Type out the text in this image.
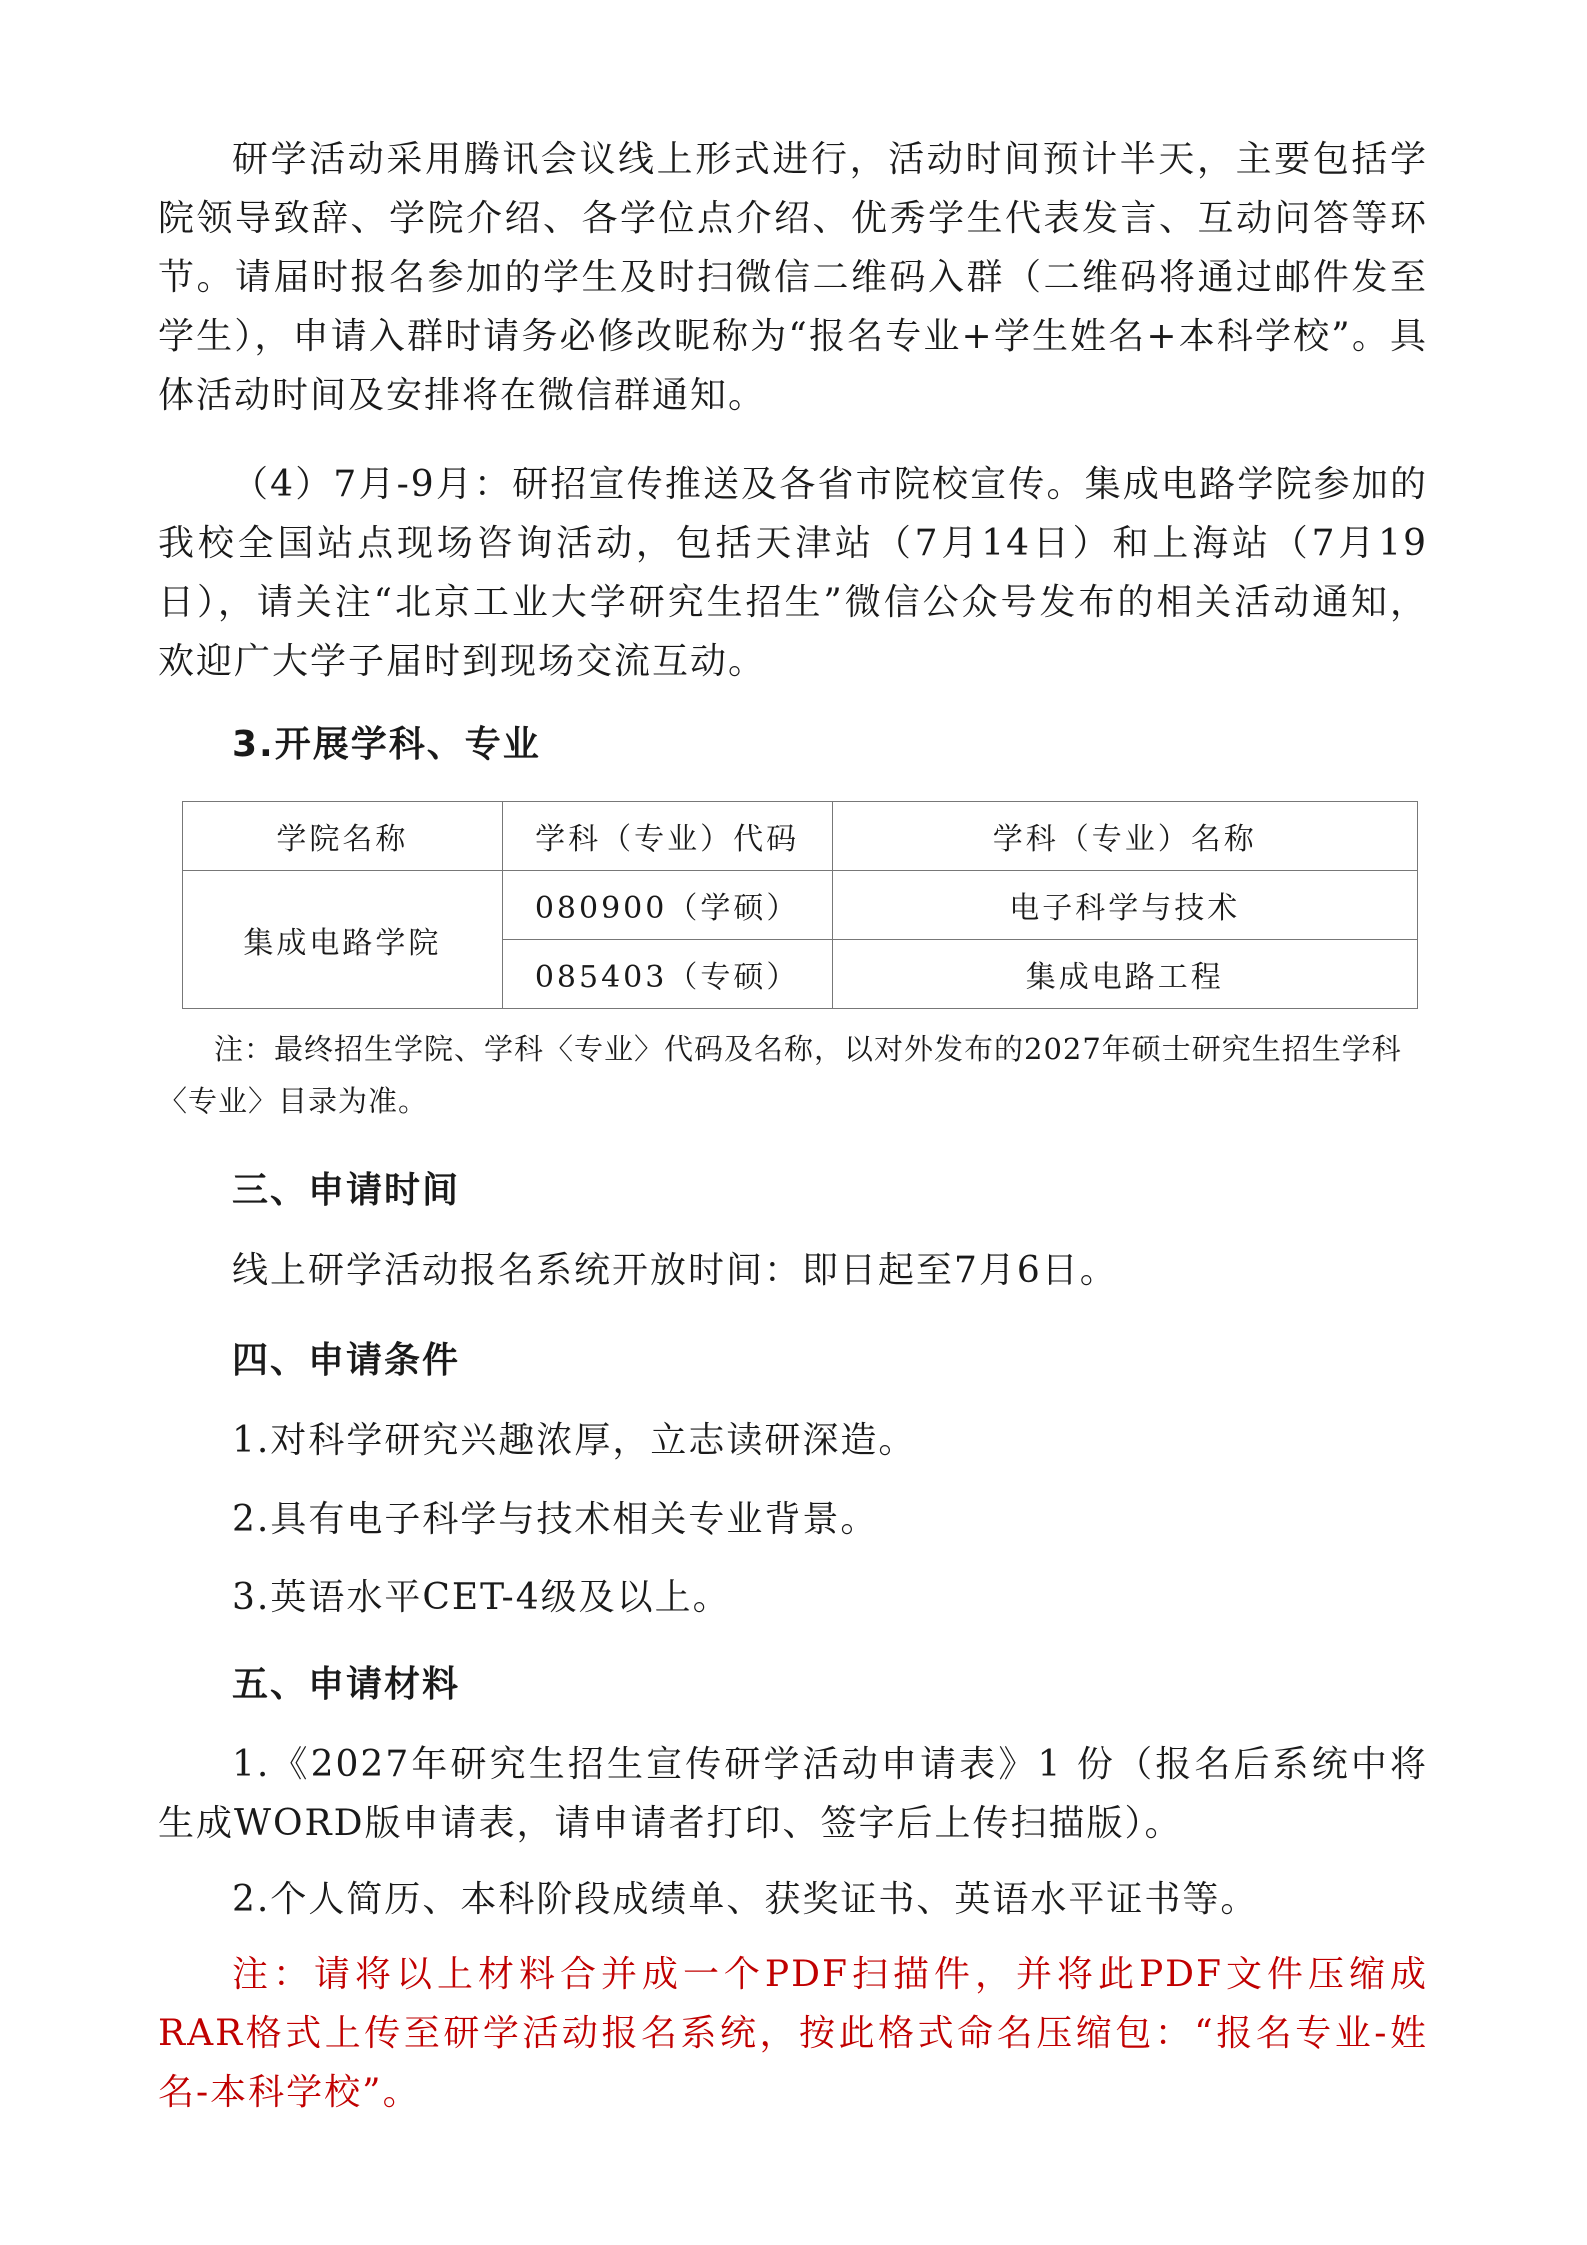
研学活动采用腾讯会议线上形式进行，活动时间预计半天，主要包括学院领导致辞、学院介绍、各学位点介绍、优秀学生代表发言、互动问答等环节。请届时报名参加的学生及时扫微信二维码入群（二维码将通过邮件发至学生），申请入群时请务必修改昵称为“报名专业+学生姓名+本科学校”。具体活动时间及安排将在微信群通知。

（4）7月-9月：研招宣传推送及各省市院校宣传。集成电路学院参加的我校全国站点现场咨询活动，包括天津站（7月14日）和上海站（7月19日），请关注“北京工业大学研究生招生”微信公众号发布的相关活动通知，欢迎广大学子届时到现场交流互动。

3.开展学科、专业

学院名称	学科（专业）代码	学科（专业）名称
集成电路学院	080900（学硕）	电子科学与技术
	085403（专硕）	集成电路工程

注：最终招生学院、学科〈专业〉代码及名称，以对外发布的2027年硕士研究生招生学科〈专业〉目录为准。

三、申请时间

线上研学活动报名系统开放时间：即日起至7月6日。

四、申请条件

1.对科学研究兴趣浓厚，立志读研深造。

2.具有电子科学与技术相关专业背景。

3.英语水平CET-4级及以上。

五、申请材料

1.《2027年研究生招生宣传研学活动申请表》1 份（报名后系统中将生成WORD版申请表，请申请者打印、签字后上传扫描版）。

2.个人简历、本科阶段成绩单、获奖证书、英语水平证书等。

注：请将以上材料合并成一个PDF扫描件，并将此PDF文件压缩成RAR格式上传至研学活动报名系统，按此格式命名压缩包：“报名专业-姓名-本科学校”。
